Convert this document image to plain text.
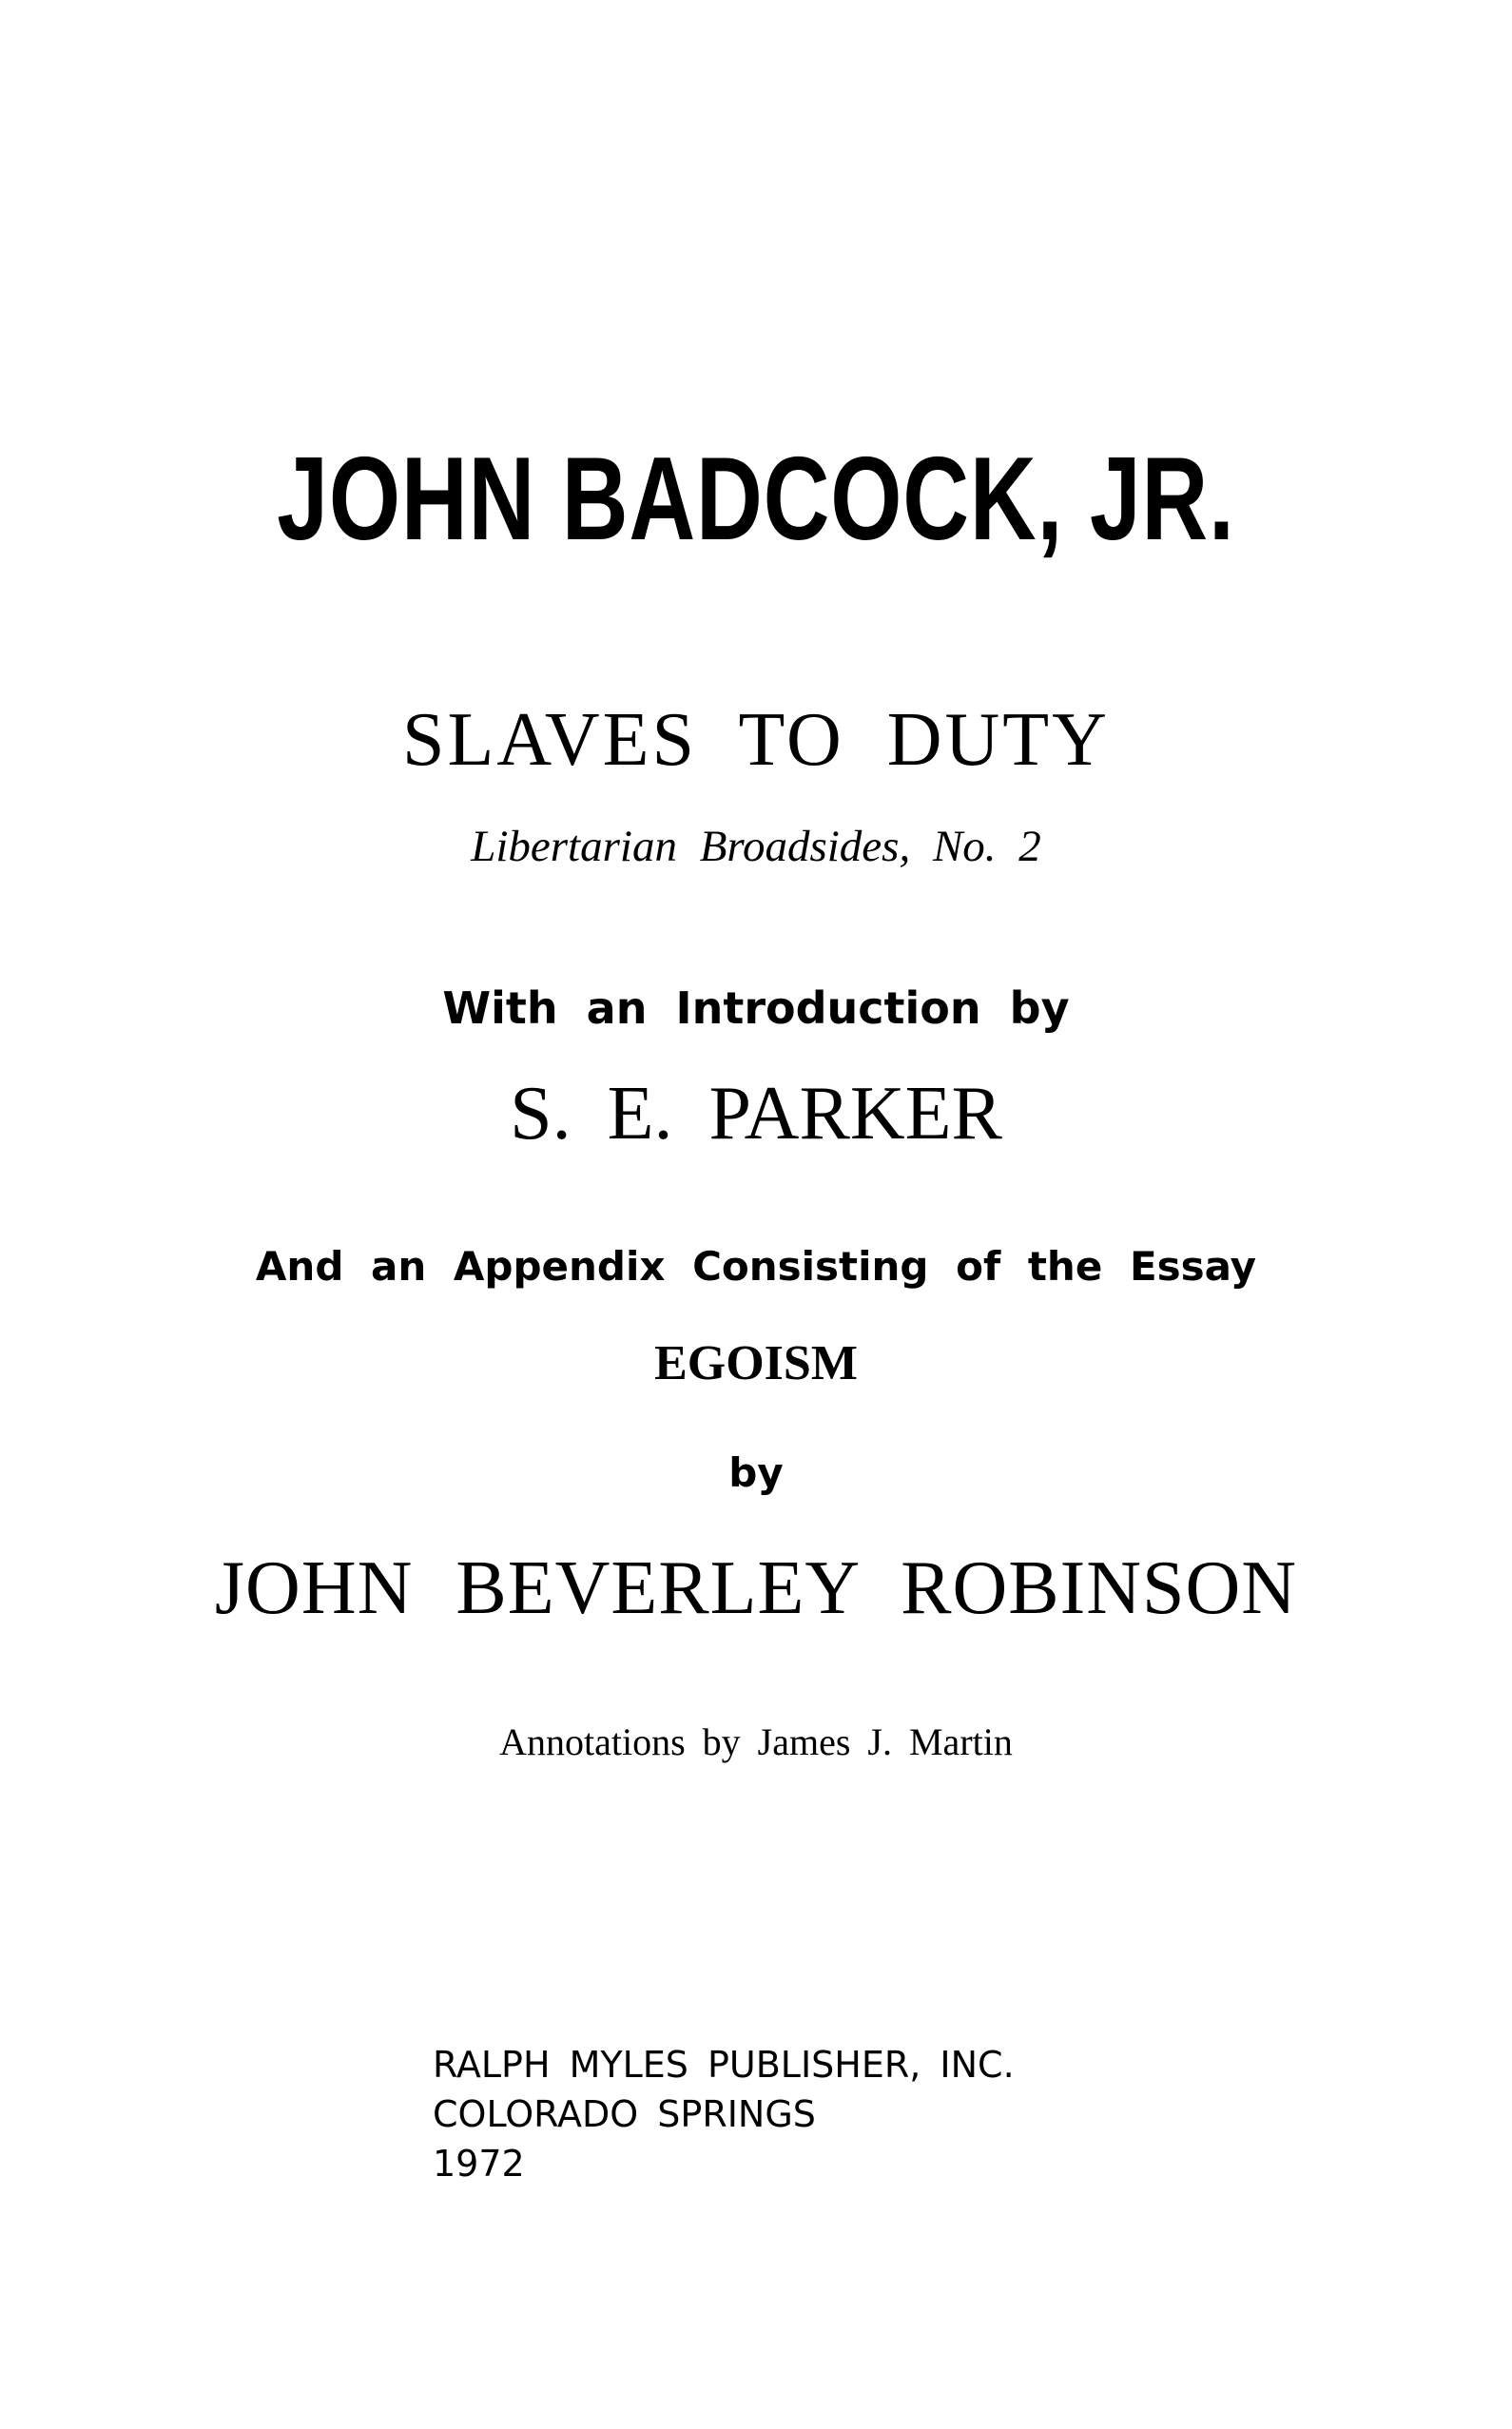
JOHN BADCOCK, JR.
SLAVES TO DUTY
Libertarian Broadsides, No. 2
With an Introduction by
S. E. PARKER
And an Appendix Consisting of the Essay
EGOISM
by
JOHN BEVERLEY ROBINSON
Annotations by James J. Martin
RALPH MYLES PUBLISHER, INC.
COLORADO SPRINGS
1972
